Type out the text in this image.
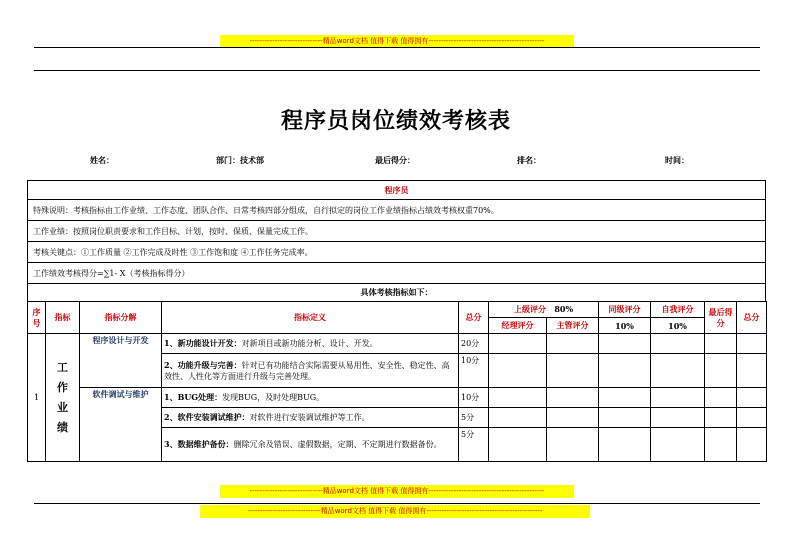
-----------------------------精品word文档 值得下载 值得拥有----------------------------------------------
程序员岗位绩效考核表
姓名：	部门：技术部	最后得分：	排名：	时间：
程序员
特殊说明：考核指标由工作业绩、工作态度、团队合作、日常考核四部分组成，自行拟定的岗位工作业绩指标占绩效考核权重70%。
工作业绩：按照岗位职责要求和工作目标、计划，按时、保质、保量完成工作。
考核关键点：①工作质量 ②工作完成及时性 ③工作饱和度 ④工作任务完成率。
工作绩效考核得分=∑1- X（考核指标得分）
具体考核指标如下：
序号	指标	指标分解	指标定义	总分	上级评分 80%		同级评分	自我评分	最后得分	总分
					经理评分	主管评分	10%	10%		
1	工作业绩	程序设计与开发	1、新功能设计开发：对新项目或新功能分析、设计、开发。	20分						
			2、功能升级与完善：针对已有功能结合实际需要从易用性、安全性、稳定性、高效性、人性化等方面进行升级与完善处理。	10分						
		软件调试与维护	1、BUG处理：发现BUG，及时处理BUG。	10分						
			2、软件安装调试维护：对软件进行安装调试维护等工作。	5分						
			3、数据维护备份：删除冗余及错误、虚假数据，定期、不定期进行数据备份。	5分						
-----------------------------精品word文档 值得下载 值得拥有----------------------------------------------
-----------------------------精品word文档 值得下载 值得拥有----------------------------------------------
